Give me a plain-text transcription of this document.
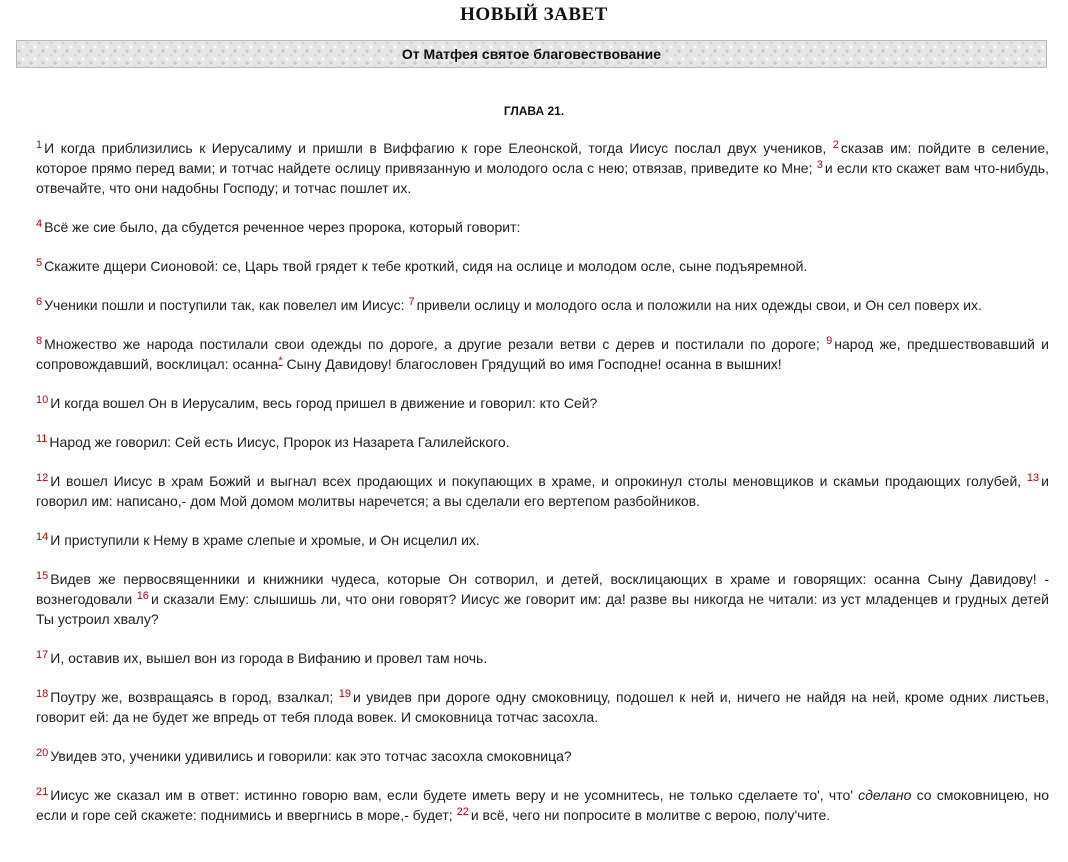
НОВЫЙ ЗАВЕТ
От Матфея святое благовествование
ГЛАВА 21.

$^1$ И когда приблизились к Иерусалиму и пришли в Виффагию к горе Елеонской, тогда Иисус послал двух учеников, $^2$ сказав им: пойдите в селение, которое прямо перед вами; и тотчас найдете ослицу привязанную и молодого осла с нею; отвязав, приведите ко Мне; $^3$ и если кто скажет вам что-нибудь, отвечайте, что они надобны Господу; и тотчас пошлет их.

$^4$ Всё же сие было, да сбудется реченное через пророка, который говорит:

$^5$ Скажите дщери Сионовой: се, Царь твой грядет к тебе кроткий, сидя на ослице и молодом осле, сыне подъяремной.

$^6$ Ученики пошли и поступили так, как повелел им Иисус: $^7$ привели ослицу и молодого осла и положили на них одежды свои, и Он сел поверх их.

$^8$ Множество же народа постилали свои одежды по дороге, а другие резали ветви с дерев и постилали по дороге; $^9$ народ же, предшествовавший и сопровождавший, восклицал: осанна* Сыну Давидову! благословен Грядущий во имя Господне! осанна в вышних!

$^{10}$ И когда вошел Он в Иерусалим, весь город пришел в движение и говорил: кто Сей?

$^{11}$ Народ же говорил: Сей есть Иисус, Пророк из Назарета Галилейского.

$^{12}$ И вошел Иисус в храм Божий и выгнал всех продающих и покупающих в храме, и опрокинул столы меновщиков и скамьи продающих голубей, $^{13}$ и говорил им: написано,- дом Мой домом молитвы наречется; а вы сделали его вертепом разбойников.

$^{14}$ И приступили к Нему в храме слепые и хромые, и Он исцелил их.

$^{15}$ Видев же первосвященники и книжники чудеса, которые Он сотворил, и детей, восклицающих в храме и говорящих: осанна Сыну Давидову! - вознегодовали $^{16}$ и сказали Ему: слышишь ли, что они говорят? Иисус же говорит им: да! разве вы никогда не читали: из уст младенцев и грудных детей Ты устроил хвалу?

$^{17}$ И, оставив их, вышел вон из города в Вифанию и провел там ночь.

$^{18}$ Поутру же, возвращаясь в город, взалкал; $^{19}$ и увидев при дороге одну смоковницу, подошел к ней и, ничего не найдя на ней, кроме одних листьев, говорит ей: да не будет же впредь от тебя плода вовек. И смоковница тотчас засохла.

$^{20}$ Увидев это, ученики удивились и говорили: как это тотчас засохла смоковница?

$^{21}$ Иисус же сказал им в ответ: истинно говорю вам, если будете иметь веру и не усомнитесь, не только сделаете то', что' сделано со смоковницею, но если и горе сей скажете: поднимись и ввергнись в море,- будет; $^{22}$ и всё, чего ни попросите в молитве с верою, полу'чите.
